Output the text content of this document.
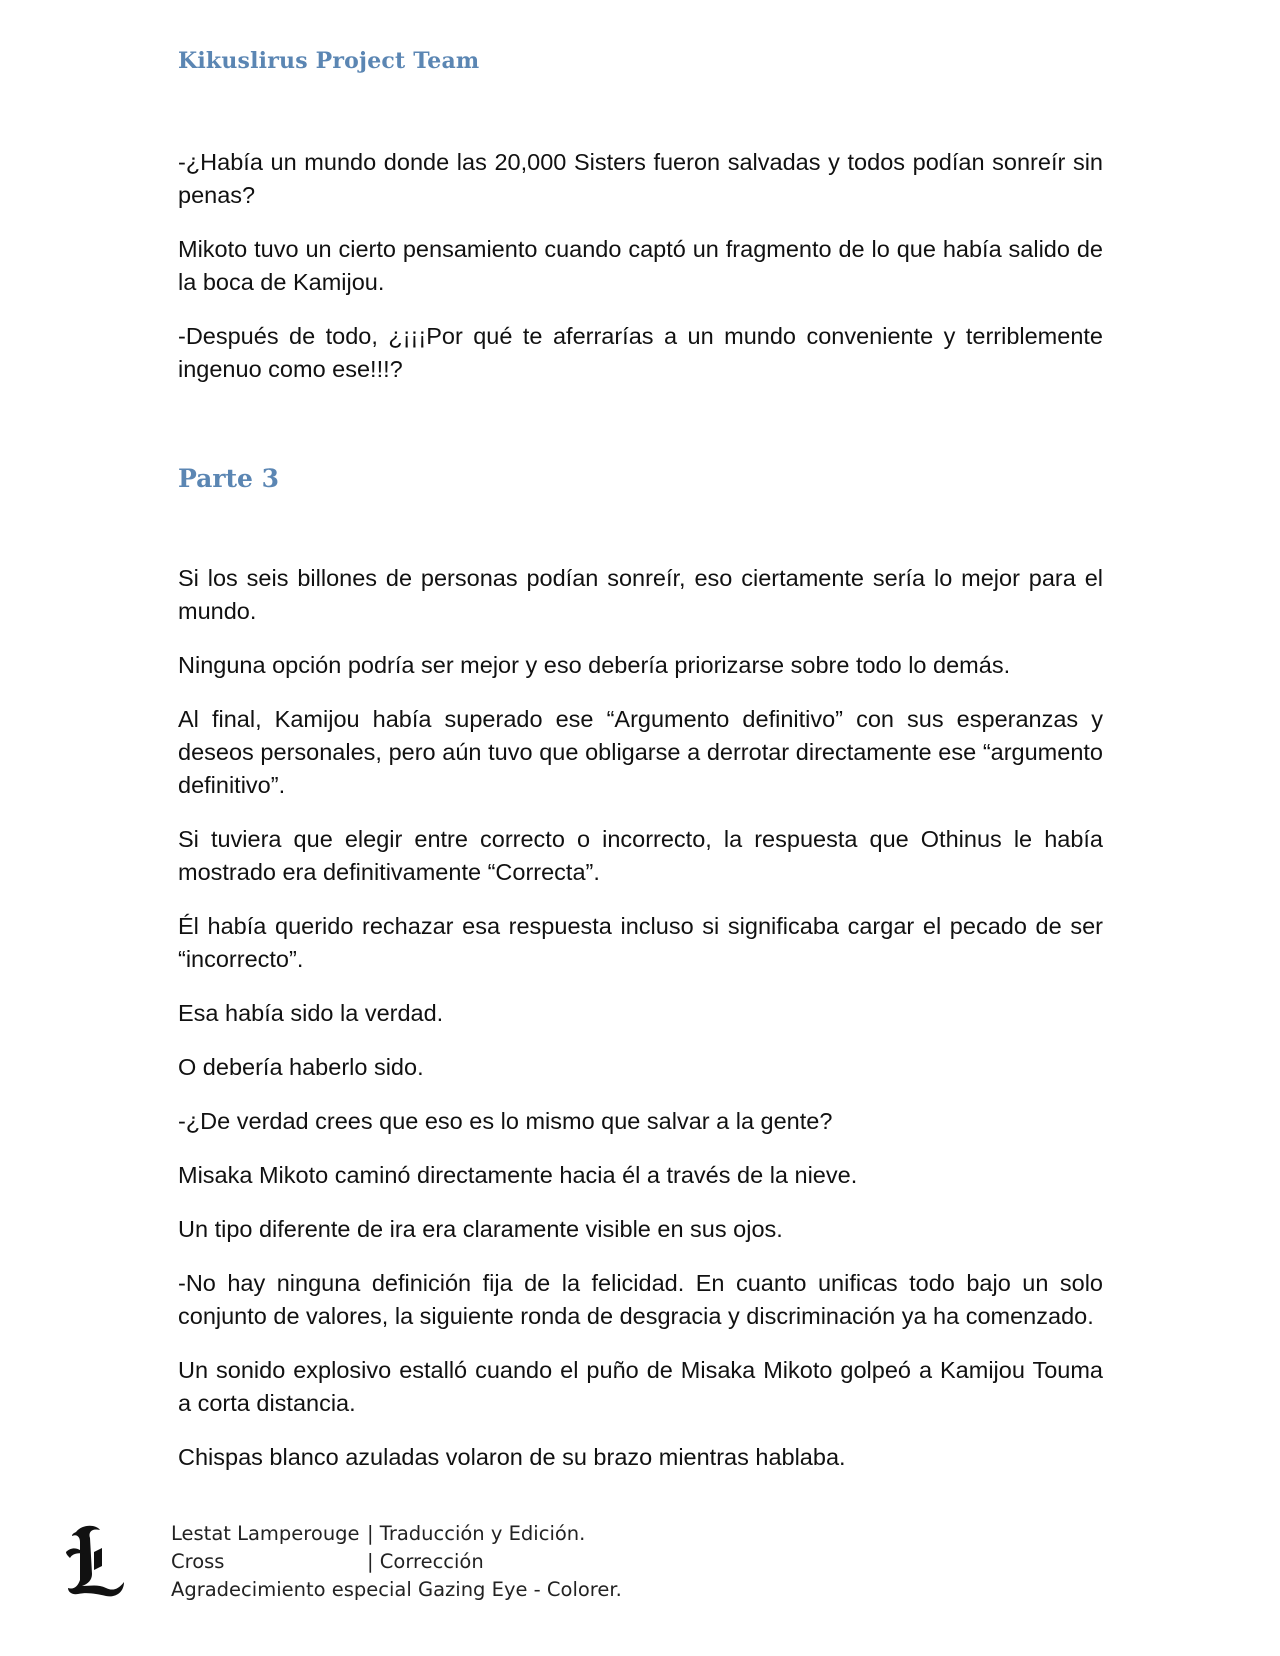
Kikuslirus Project Team

-¿Había un mundo donde las 20,000 Sisters fueron salvadas y todos podían sonreír sin penas?

Mikoto tuvo un cierto pensamiento cuando captó un fragmento de lo que había salido de la boca de Kamijou.

-Después de todo, ¿¡¡¡Por qué te aferrarías a un mundo conveniente y terriblemente ingenuo como ese!!!?

Parte 3

Si los seis billones de personas podían sonreír, eso ciertamente sería lo mejor para el mundo.

Ninguna opción podría ser mejor y eso debería priorizarse sobre todo lo demás.

Al final, Kamijou había superado ese “Argumento definitivo” con sus esperanzas y deseos personales, pero aún tuvo que obligarse a derrotar directamente ese “argumento definitivo”.

Si tuviera que elegir entre correcto o incorrecto, la respuesta que Othinus le había mostrado era definitivamente “Correcta”.

Él había querido rechazar esa respuesta incluso si significaba cargar el pecado de ser “incorrecto”.

Esa había sido la verdad.

O debería haberlo sido.

-¿De verdad crees que eso es lo mismo que salvar a la gente?

Misaka Mikoto caminó directamente hacia él a través de la nieve.

Un tipo diferente de ira era claramente visible en sus ojos.

-No hay ninguna definición fija de la felicidad. En cuanto unificas todo bajo un solo conjunto de valores, la siguiente ronda de desgracia y discriminación ya ha comenzado.

Un sonido explosivo estalló cuando el puño de Misaka Mikoto golpeó a Kamijou Touma a corta distancia.

Chispas blanco azuladas volaron de su brazo mientras hablaba.

Lestat Lamperouge | Traducción y Edición.
Cross	| Corrección
Agradecimiento especial Gazing Eye - Colorer.
